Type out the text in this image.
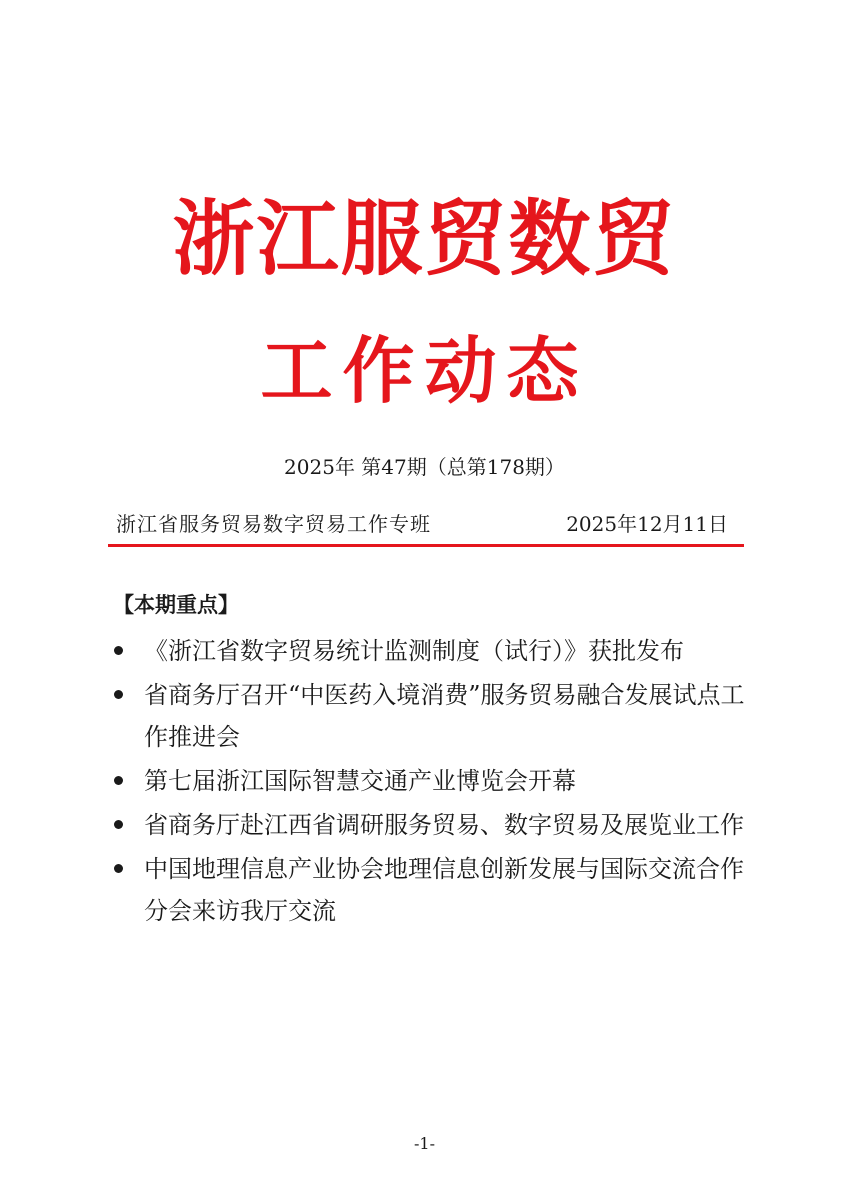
浙江服贸数贸
工作动态
2025年 第47期（总第178期）
浙江省服务贸易数字贸易工作专班	2025年12月11日
【本期重点】
《浙江省数字贸易统计监测制度（试行）》获批发布
省商务厅召开“中医药入境消费”服务贸易融合发展试点工作推进会
第七届浙江国际智慧交通产业博览会开幕
省商务厅赴江西省调研服务贸易、数字贸易及展览业工作
中国地理信息产业协会地理信息创新发展与国际交流合作分会来访我厅交流
-1-
